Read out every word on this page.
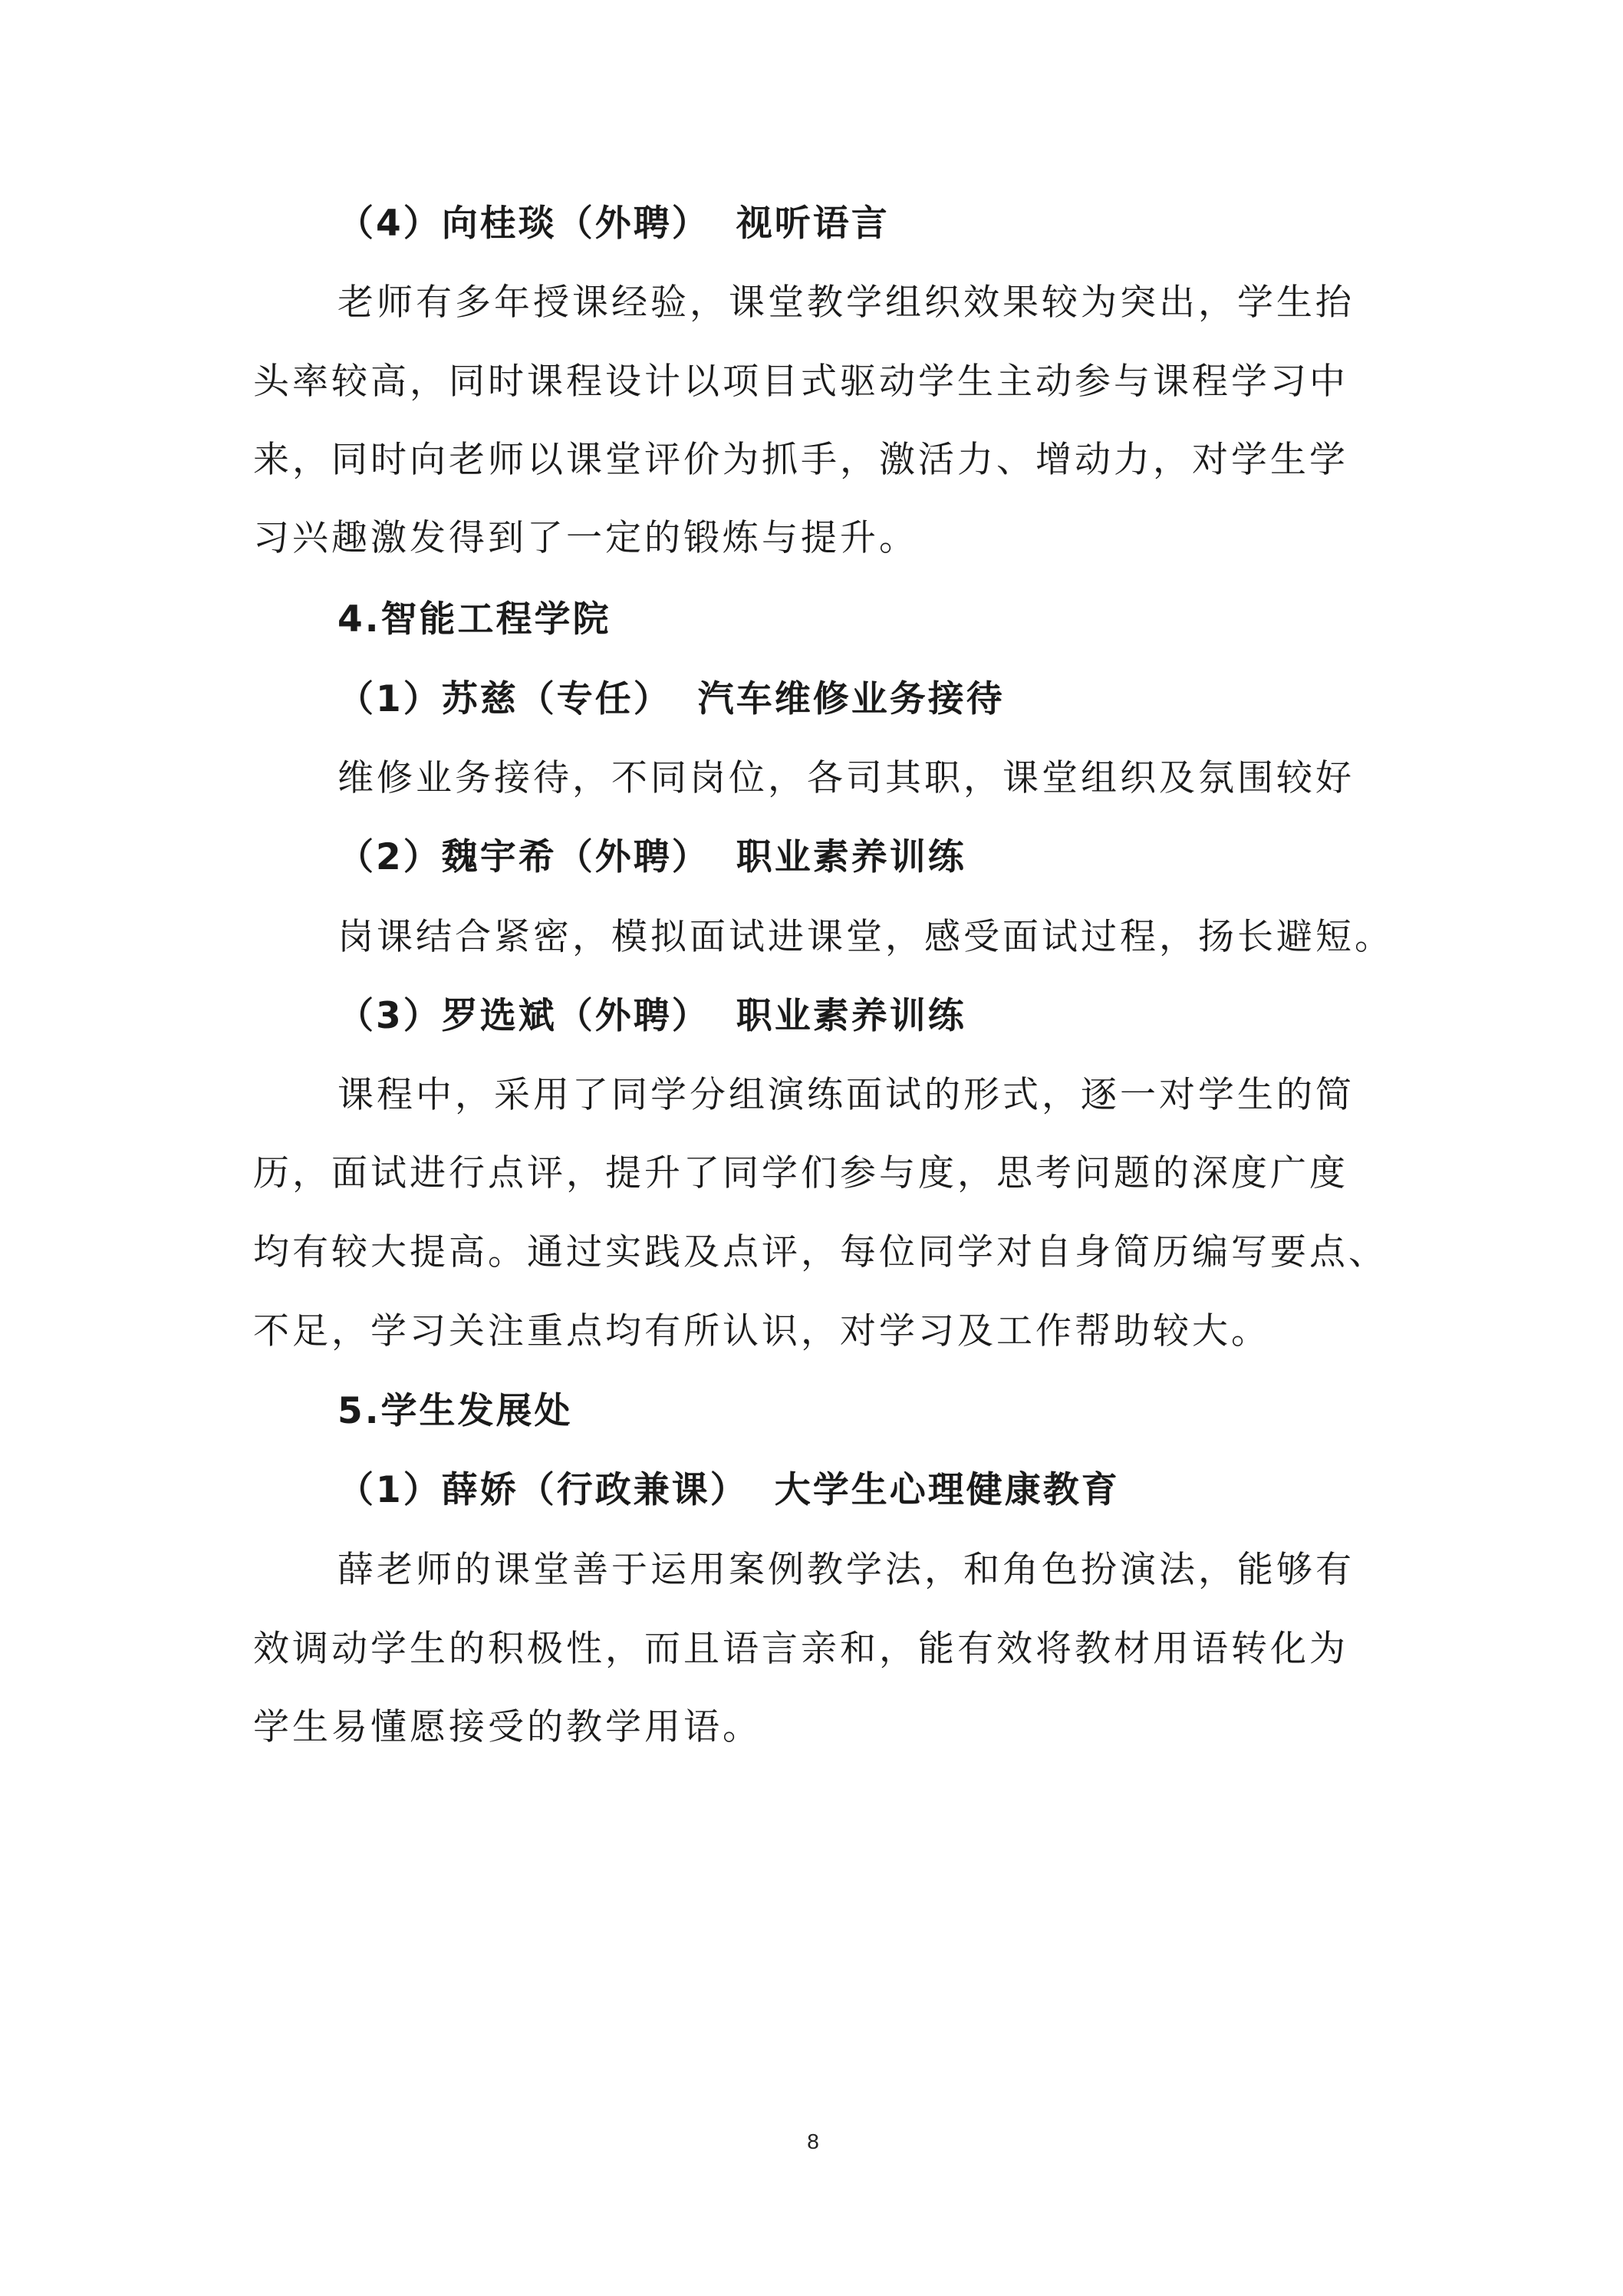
（4）向桂琰（外聘） 视听语言
老师有多年授课经验，课堂教学组织效果较为突出，学生抬
头率较高，同时课程设计以项目式驱动学生主动参与课程学习中
来，同时向老师以课堂评价为抓手，激活力、增动力，对学生学
习兴趣激发得到了一定的锻炼与提升。
4.智能工程学院
（1）苏慈（专任） 汽车维修业务接待
维修业务接待，不同岗位，各司其职，课堂组织及氛围较好
（2）魏宇希（外聘） 职业素养训练
岗课结合紧密，模拟面试进课堂，感受面试过程，扬长避短。
（3）罗选斌（外聘） 职业素养训练
课程中，采用了同学分组演练面试的形式，逐一对学生的简
历，面试进行点评，提升了同学们参与度，思考问题的深度广度
均有较大提高。通过实践及点评，每位同学对自身简历编写要点、
不足，学习关注重点均有所认识，对学习及工作帮助较大。
5.学生发展处
（1）薛娇（行政兼课） 大学生心理健康教育
薛老师的课堂善于运用案例教学法，和角色扮演法，能够有
效调动学生的积极性，而且语言亲和，能有效将教材用语转化为
学生易懂愿接受的教学用语。
8
